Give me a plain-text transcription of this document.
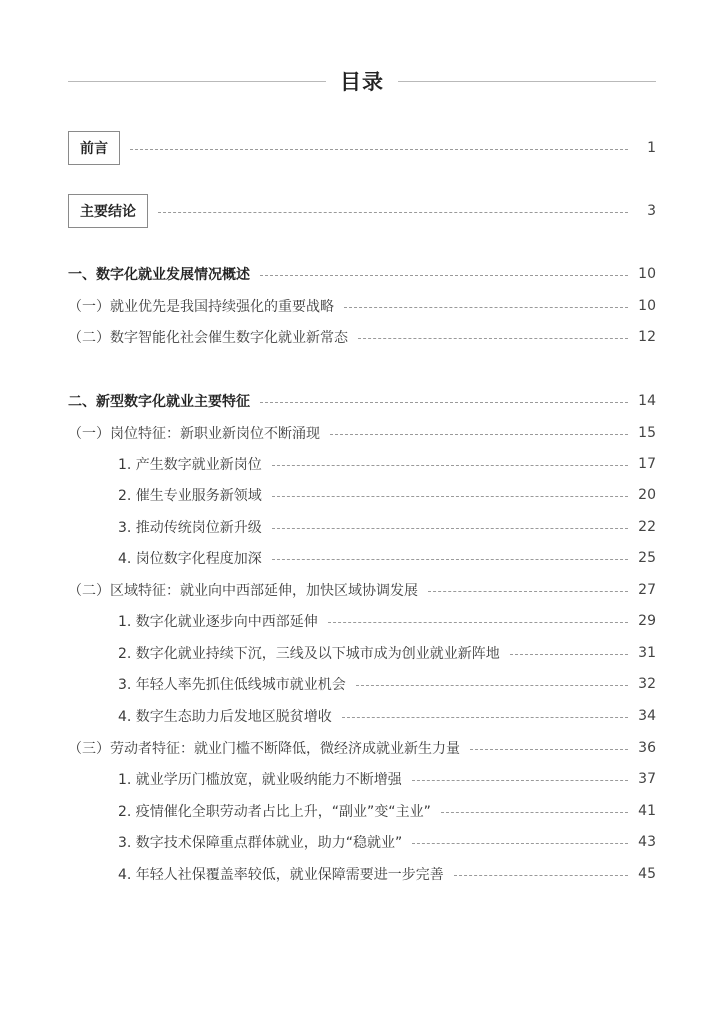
目录
前言	1
主要结论	3
一、数字化就业发展情况概述	10
（一）就业优先是我国持续强化的重要战略	10
（二）数字智能化社会催生数字化就业新常态	12
二、新型数字化就业主要特征	14
（一）岗位特征：新职业新岗位不断涌现	15
1. 产生数字就业新岗位	17
2. 催生专业服务新领域	20
3. 推动传统岗位新升级	22
4. 岗位数字化程度加深	25
（二）区域特征：就业向中西部延伸，加快区域协调发展	27
1. 数字化就业逐步向中西部延伸	29
2. 数字化就业持续下沉，三线及以下城市成为创业就业新阵地	31
3. 年轻人率先抓住低线城市就业机会	32
4. 数字生态助力后发地区脱贫增收	34
（三）劳动者特征：就业门槛不断降低，微经济成就业新生力量	36
1. 就业学历门槛放宽，就业吸纳能力不断增强	37
2. 疫情催化全职劳动者占比上升，“副业”变“主业”	41
3. 数字技术保障重点群体就业，助力“稳就业”	43
4. 年轻人社保覆盖率较低，就业保障需要进一步完善	45
